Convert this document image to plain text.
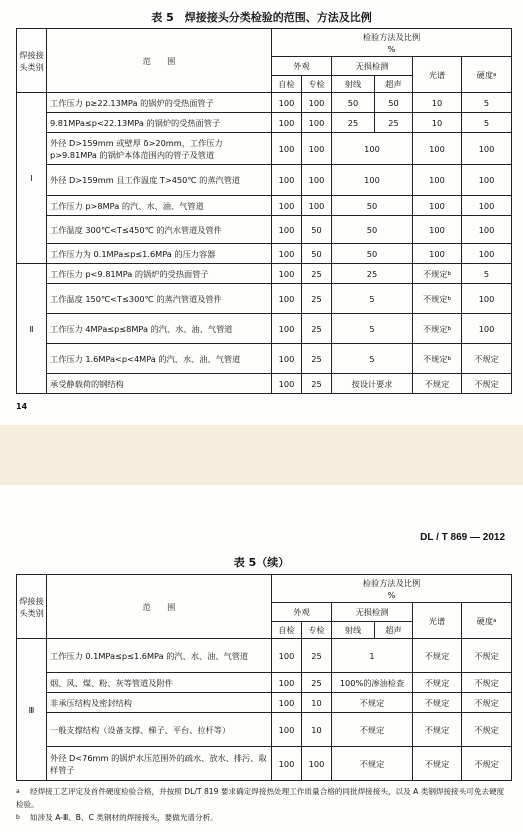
表 5　焊接接头分类检验的范围、方法及比例
焊接接头类别	范　　围	检验方法及比例
%					

		外观		无损检测		光谱	硬度$^a$
		自检	专检	射线	超声		
Ⅰ	工作压力 p≥22.13MPa 的锅炉的受热面管子	100	100	50	50	10	5
	9.81MPa≤p<22.13MPa 的锅炉的受热面管子	100	100	25	25	10	5
	外径 D>159mm 或壁厚 δ>20mm，工作压力 p>9.81MPa 的锅炉本体范围内的管子及管道	100	100	100		100	100
	外径 D>159mm 且工作温度 T>450℃ 的蒸汽管道	100	100	100		100	100
	工作压力 p>8MPa 的汽、水、油、气管道	100	100	50		100	100
	工作温度 300℃<T≤450℃ 的汽水管道及管件	100	50	50		100	100
	工作压力为 0.1MPa≤p≤1.6MPa 的压力容器	100	50	50		100	100
Ⅱ	工作压力 p<9.81MPa 的锅炉的受热面管子	100	25	25		不规定$^b$	5
	工作温度 150℃<T≤300℃ 的蒸汽管道及管件	100	25	5		不规定$^b$	100
	工作压力 4MPa≤p≤8MPa 的汽、水、油、气管道	100	25	5		不规定$^b$	100
	工作压力 1.6MPa<p<4MPa 的汽、水、油、气管道	100	25	5		不规定$^b$	不规定
	承受静载荷的钢结构	100	25	按设计要求		不规定	不规定
14
DL / T 869 — 2012
表 5（续）
焊接接头类别	范　　围	检验方法及比例
%					

		外观		无损检测		光谱	硬度$^a$
		自检	专检	射线	超声		
Ⅲ	工作压力 0.1MPa≤p≤1.6MPa 的汽、水、油、气管道	100	25	1		不规定	不规定
	烟、风、煤、粉、灰等管道及附件	100	25	100%的渗油检查		不规定	不规定
	非承压结构及密封结构	100	10	不规定		不规定	不规定
	一般支撑结构（设备支撑、梯子、平台、拉杆等）	100	10	不规定		不规定	不规定
	外径 D<76mm 的锅炉水压范围外的疏水、放水、排污、取样管子	100	100	不规定		不规定	不规定
a 经焊接工艺评定及首件硬度检验合格，并按照 DL/T 819 要求确定焊接热处理工作质量合格的同批焊接接头，以及 A 类钢焊接接头可免去硬度检验。
b 如涉及 A-Ⅲ、B、C 类钢材的焊接接头，要做光谱分析。
